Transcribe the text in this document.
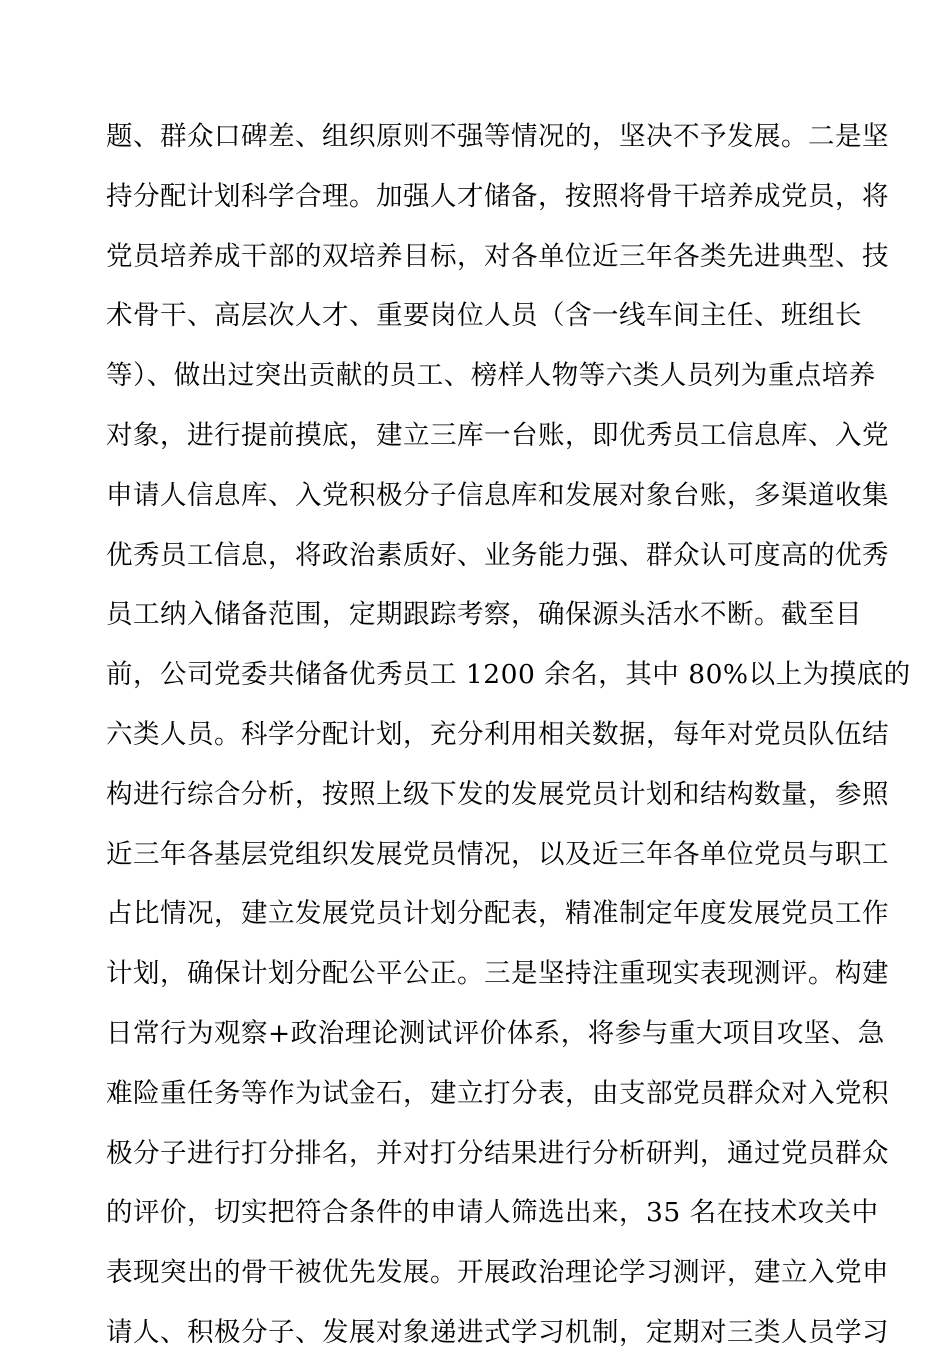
题、群众口碑差、组织原则不强等情况的，坚决不予发展。二是坚
持分配计划科学合理。加强人才储备，按照将骨干培养成党员，将
党员培养成干部的双培养目标，对各单位近三年各类先进典型、技
术骨干、高层次人才、重要岗位人员（含一线车间主任、班组长
等）、做出过突出贡献的员工、榜样人物等六类人员列为重点培养
对象，进行提前摸底，建立三库一台账，即优秀员工信息库、入党
申请人信息库、入党积极分子信息库和发展对象台账，多渠道收集
优秀员工信息，将政治素质好、业务能力强、群众认可度高的优秀
员工纳入储备范围，定期跟踪考察，确保源头活水不断。截至目
前，公司党委共储备优秀员工 1200 余名，其中 80%以上为摸底的
六类人员。科学分配计划，充分利用相关数据，每年对党员队伍结
构进行综合分析，按照上级下发的发展党员计划和结构数量，参照
近三年各基层党组织发展党员情况，以及近三年各单位党员与职工
占比情况，建立发展党员计划分配表，精准制定年度发展党员工作
计划，确保计划分配公平公正。三是坚持注重现实表现测评。构建
日常行为观察+政治理论测试评价体系，将参与重大项目攻坚、急
难险重任务等作为试金石，建立打分表，由支部党员群众对入党积
极分子进行打分排名，并对打分结果进行分析研判，通过党员群众
的评价，切实把符合条件的申请人筛选出来，35 名在技术攻关中
表现突出的骨干被优先发展。开展政治理论学习测评，建立入党申
请人、积极分子、发展对象递进式学习机制，定期对三类人员学习
